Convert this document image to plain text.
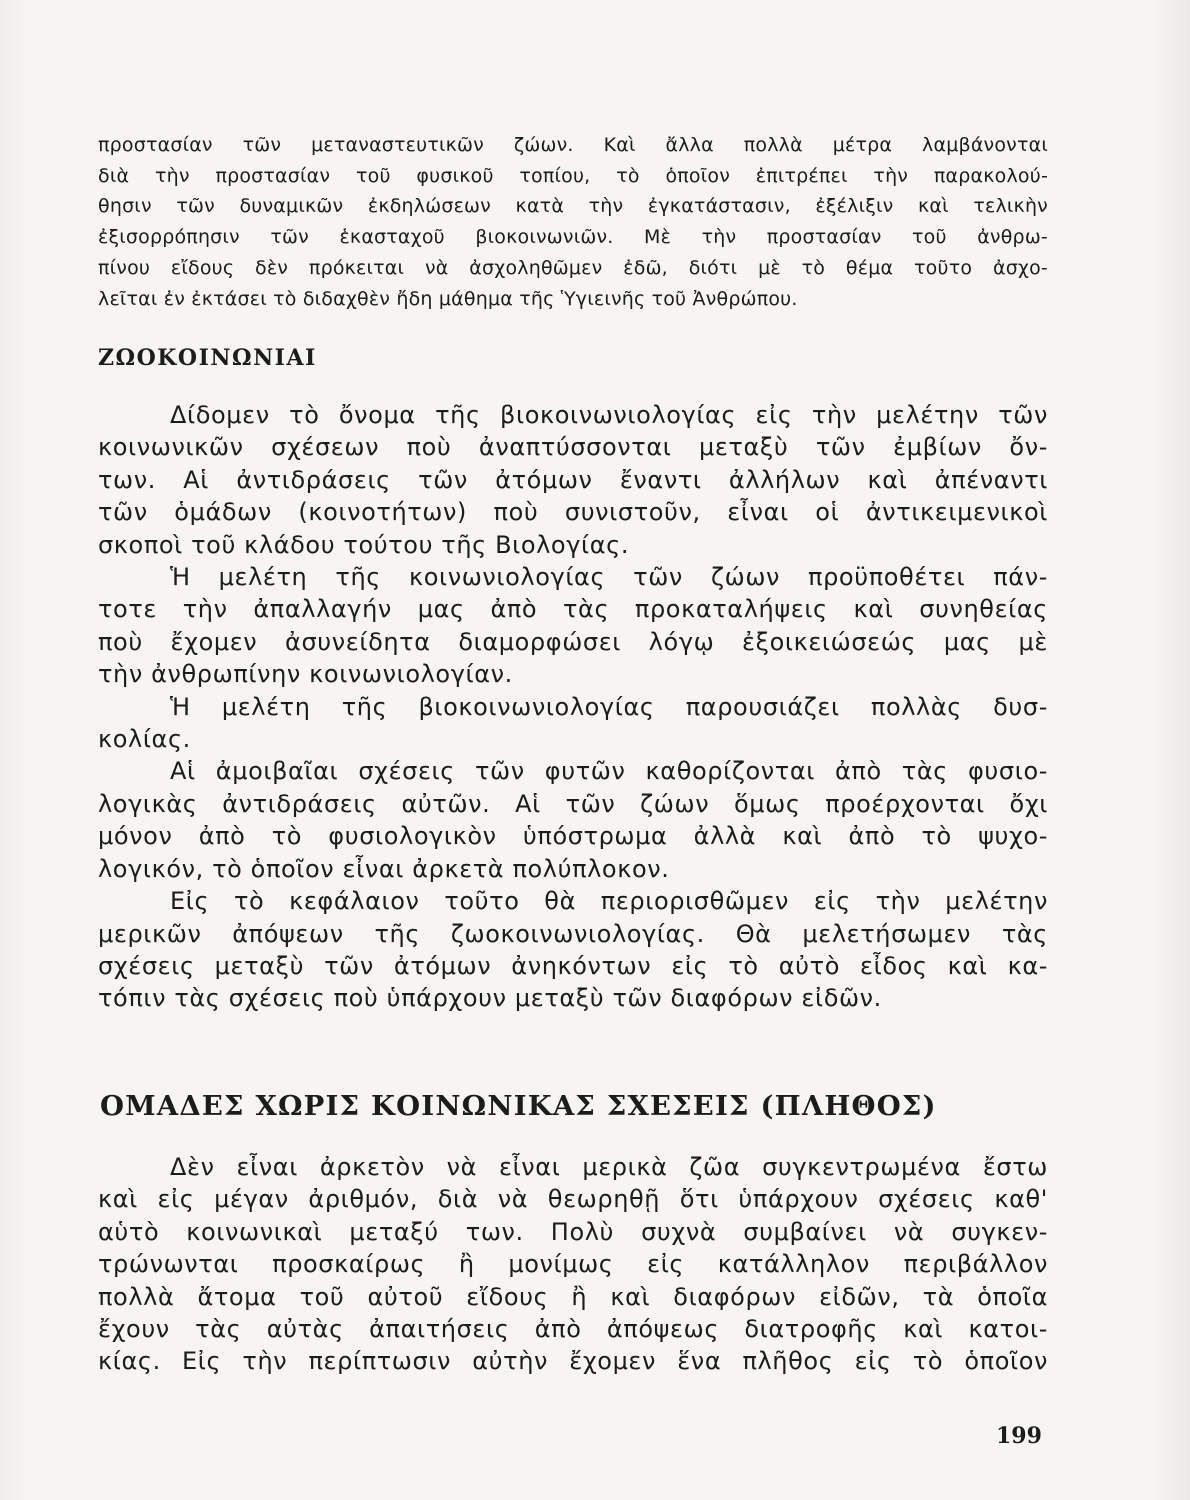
προστασίαν τῶν μεταναστευτικῶν ζώων. Καὶ ἄλλα πολλὰ μέτρα λαμβάνονται
διὰ τὴν προστασίαν τοῦ φυσικοῦ τοπίου, τὸ ὁποῖον ἐπιτρέπει τὴν παρακολού-
θησιν τῶν δυναμικῶν ἐκδηλώσεων κατὰ τὴν ἐγκατάστασιν, ἐξέλιξιν καὶ τελικὴν
ἐξισορρόπησιν τῶν ἑκασταχοῦ βιοκοινωνιῶν. Μὲ τὴν προστασίαν τοῦ ἀνθρω-
πίνου εἴδους δὲν πρόκειται νὰ ἀσχοληθῶμεν ἐδῶ, διότι μὲ τὸ θέμα τοῦτο ἀσχο-
λεῖται ἐν ἐκτάσει τὸ διδαχθὲν ἤδη μάθημα τῆς Ὑγιεινῆς τοῦ Ἀνθρώπου.
ΖΩΟΚΟΙΝΩΝΙΑΙ
Δίδομεν τὸ ὄνομα τῆς βιοκοινωνιολογίας εἰς τὴν μελέτην τῶν
κοινωνικῶν σχέσεων ποὺ ἀναπτύσσονται μεταξὺ τῶν ἐμβίων ὄν-
των. Αἱ ἀντιδράσεις τῶν ἀτόμων ἔναντι ἀλλήλων καὶ ἀπέναντι
τῶν ὁμάδων (κοινοτήτων) ποὺ συνιστοῦν, εἶναι οἱ ἀντικειμενικοὶ
σκοποὶ τοῦ κλάδου τούτου τῆς Βιολογίας.
Ἡ μελέτη τῆς κοινωνιολογίας τῶν ζώων προϋποθέτει πάν-
τοτε τὴν ἀπαλλαγήν μας ἀπὸ τὰς προκαταλήψεις καὶ συνηθείας
ποὺ ἔχομεν ἀσυνείδητα διαμορφώσει λόγῳ ἐξοικειώσεώς μας μὲ
τὴν ἀνθρωπίνην κοινωνιολογίαν.
Ἡ μελέτη τῆς βιοκοινωνιολογίας παρουσιάζει πολλὰς δυσ-
κολίας.
Αἱ ἀμοιβαῖαι σχέσεις τῶν φυτῶν καθορίζονται ἀπὸ τὰς φυσιο-
λογικὰς ἀντιδράσεις αὐτῶν. Αἱ τῶν ζώων ὅμως προέρχονται ὄχι
μόνον ἀπὸ τὸ φυσιολογικὸν ὑπόστρωμα ἀλλὰ καὶ ἀπὸ τὸ ψυχο-
λογικόν, τὸ ὁποῖον εἶναι ἀρκετὰ πολύπλοκον.
Εἰς τὸ κεφάλαιον τοῦτο θὰ περιορισθῶμεν εἰς τὴν μελέτην
μερικῶν ἀπόψεων τῆς ζωοκοινωνιολογίας. Θὰ μελετήσωμεν τὰς
σχέσεις μεταξὺ τῶν ἀτόμων ἀνηκόντων εἰς τὸ αὐτὸ εἶδος καὶ κα-
τόπιν τὰς σχέσεις ποὺ ὑπάρχουν μεταξὺ τῶν διαφόρων εἰδῶν.
ΟΜΑΔΕΣ ΧΩΡΙΣ ΚΟΙΝΩΝΙΚΑΣ ΣΧΕΣΕΙΣ (ΠΛΗΘΟΣ)
Δὲν εἶναι ἀρκετὸν νὰ εἶναι μερικὰ ζῶα συγκεντρωμένα ἔστω
καὶ εἰς μέγαν ἀριθμόν, διὰ νὰ θεωρηθῇ ὅτι ὑπάρχουν σχέσεις καθ'
αὑτὸ κοινωνικαὶ μεταξύ των. Πολὺ συχνὰ συμβαίνει νὰ συγκεν-
τρώνωνται προσκαίρως ἢ μονίμως εἰς κατάλληλον περιβάλλον
πολλὰ ἄτομα τοῦ αὐτοῦ εἴδους ἢ καὶ διαφόρων εἰδῶν, τὰ ὁποῖα
ἔχουν τὰς αὐτὰς ἀπαιτήσεις ἀπὸ ἀπόψεως διατροφῆς καὶ κατοι-
κίας. Εἰς τὴν περίπτωσιν αὐτὴν ἔχομεν ἕνα πλῆθος εἰς τὸ ὁποῖον
199
